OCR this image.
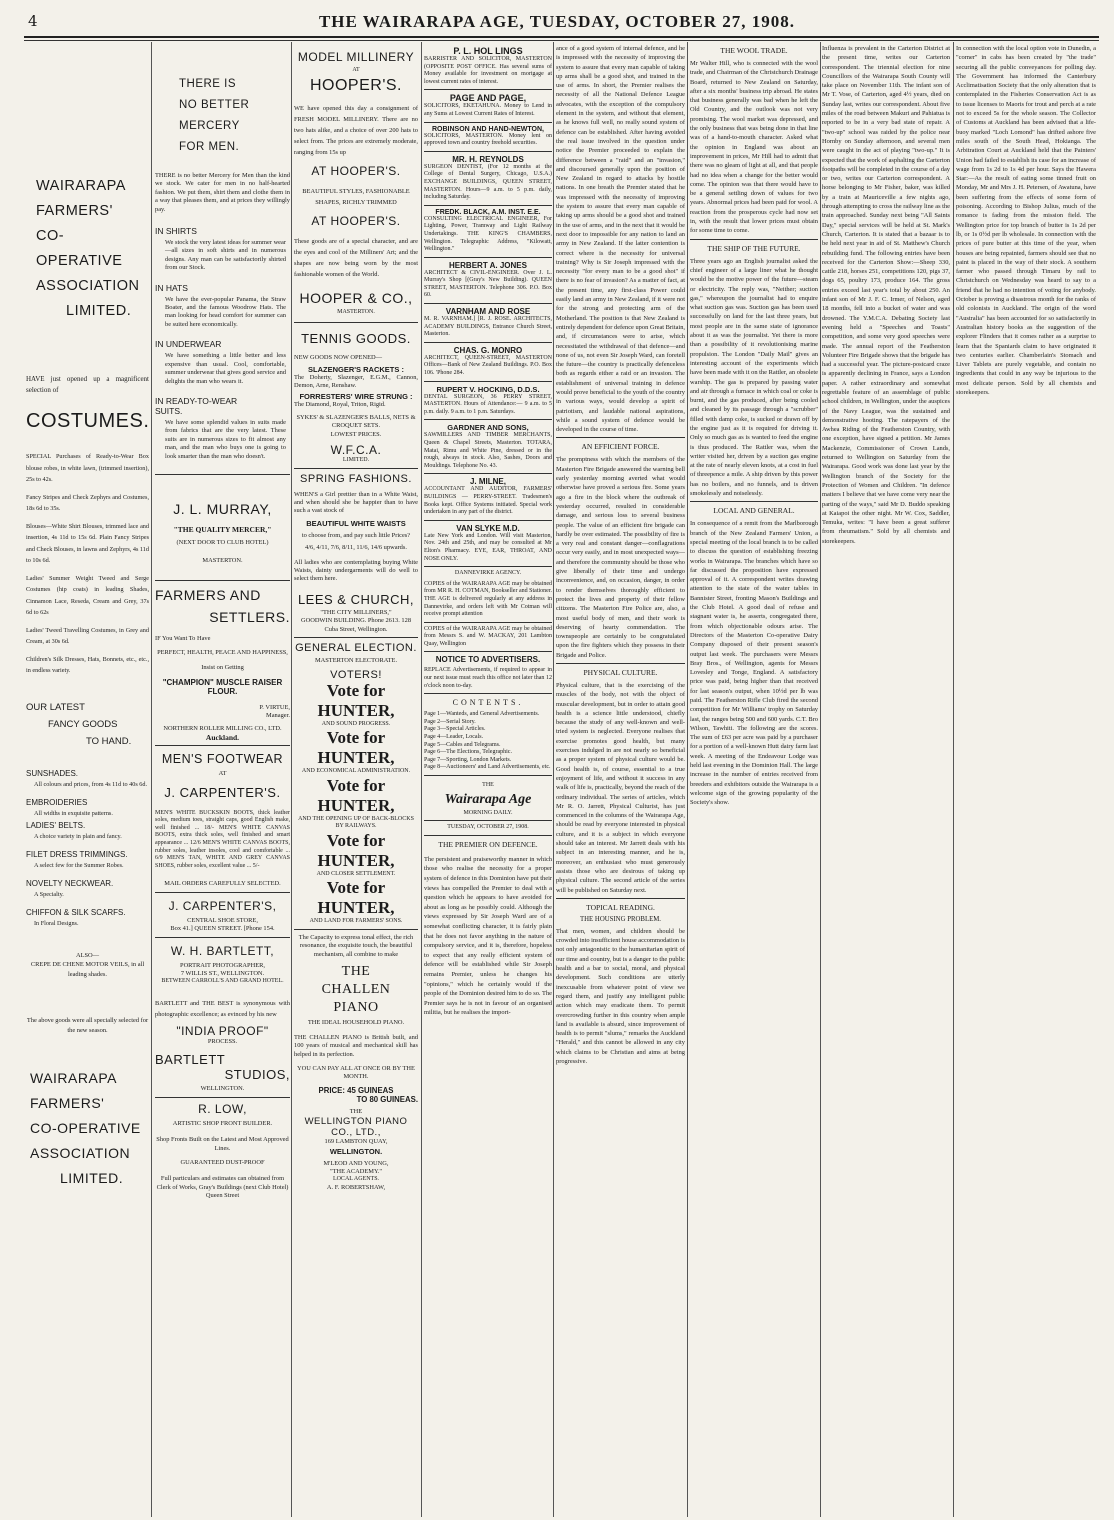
4	THE WAIRARAPA AGE, TUESDAY, OCTOBER 27, 1908.
WAIRARAPA
FARMERS'
CO-OPERATIVE
ASSOCIATION
LIMITED.
HAVE just opened up a magnificent selection of
COSTUMES.

SPECIAL Purchases of Ready-to-Wear Box blouse robes, in white lawn, (trimmed insertion), 25s to 42s.

Fancy Stripes and Check Zephyrs and Costumes, 18s 6d to 35s.

Blouses—White Shirt Blouses, trimmed lace and insertion, 4s 11d to 15s 6d. Plain Fancy Stripes and Check Blouses, in lawns and Zephyrs, 4s 11d to 10s 6d.

Ladies' Summer Weight Tweed and Serge Costumes (hip coats) in leading Shades, Cinnamon Lace, Reseda, Cream and Grey, 37s 6d to 62s

Ladies' Tweed Travelling Costumes, in Grey and Cream, at 30s 6d.

Children's Silk Dresses, Hats, Bonnets, etc., etc., in endless variety.

OUR LATEST
FANCY GOODS
TO HAND.
SUNSHADES.
All colours and prices, from 4s 11d to 40s 6d.
EMBROIDERIES
All widths in exquisite patterns.
LADIES' BELTS.
A choice variety in plain and fancy.
FILET DRESS TRIMMINGS.
A select few for the Summer Robes.
NOVELTY NECKWEAR.
A Specialty.
CHIFFON & SILK SCARFS.
In Floral Designs.
ALSO—
CREPE DE CHENE MOTOR VEILS, in all leading shades.
The above goods were all specially selected for the new season.
WAIRARAPA
FARMERS'
CO-OPERATIVE
ASSOCIATION
LIMITED.
THERE IS
NO BETTER
MERCERY
FOR MEN.
THERE is no better Mercery for Men than the kind we stock. We cater for men in no half-hearted fashion. We put them, shirt them and clothe them in a way that pleases them, and at prices they willingly pay.
IN SHIRTS
We stock the very latest ideas for summer wear—all sizes in soft shirts and in numerous designs. Any man can be satisfactorily shirted from our Stock.
IN HATS
We have the ever-popular Panama, the Straw Boater, and the famous Woodrow Hats. The man looking for head comfort for summer can be suited here economically.
IN UNDERWEAR
We have something a little better and less expensive than usual. Cool, comfortable, summer underwear that gives good service and delights the man who wears it.
IN READY-TO-WEAR SUITS.
We have some splendid values in suits made from fabrics that are the very latest. These suits are in numerous sizes to fit almost any man, and the man who buys one is going to look smarter than the man who doesn't.
J. L. MURRAY,
"THE QUALITY MERCER,"
(NEXT DOOR TO CLUB HOTEL)
MASTERTON.
FARMERS AND
SETTLERS.
IF You Want To Have
PERFECT, HEALTH, PEACE AND HAPPINESS,
Insist on Getting
"CHAMPION" MUSCLE RAISER FLOUR.
P. VIRTUE,
Manager.
NORTHERN ROLLER MILLING CO., LTD.
Auckland.
MEN'S FOOTWEAR
AT
J. CARPENTER'S.
MEN'S WHITE BUCKSKIN BOOTS, thick leather soles, medium toes, straight caps, good English make, well finished ... 18/- MEN'S WHITE CANVAS BOOTS, extra thick soles, well finished and smart appearance ... 12/6 MEN'S WHITE CANVAS BOOTS, rubber soles, leather insoles, cool and comfortable ... 6/9 MEN'S TAN, WHITE AND GREY CANVAS SHOES, rubber soles, excellent value ... 5/-
MAIL ORDERS CAREFULLY SELECTED.
J. CARPENTER'S,
CENTRAL SHOE STORE,
Box 41.] QUEEN STREET. [Phone 154.
W. H. BARTLETT,
PORTRAIT PHOTOGRAPHER,
7 WILLIS ST., WELLINGTON.
BETWEEN CARROLL'S AND GRAND HOTEL.
BARTLETT and THE BEST is synonymous with photographic excellence; as evinced by his new
"INDIA PROOF"
PROCESS.
BARTLETT
STUDIOS,
WELLINGTON.
R. LOW,
ARTISTIC SHOP FRONT BUILDER.
Shop Fronts Built on the Latest and Most Approved Lines.
GUARANTEED DUST-PROOF
Full particulars and estimates can obtained from Clerk of Works, Gray's Buildings (next Club Hotel) Queen Street
MODEL MILLINERY
AT
HOOPER'S.
WE have opened this day a consignment of FRESH MODEL MILLINERY. There are no two hats alike, and a choice of over 200 hats to select from. The prices are extremely moderate, ranging from 15s up
AT HOOPER'S.
BEAUTIFUL STYLES, FASHIONABLE SHAPES, RICHLY TRIMMED
AT HOOPER'S.
These goods are of a special character, and are the eyes and cool of the Milliners' Art; and the shapes are now being worn by the most fashionable women of the World.
HOOPER & CO.,
MASTERTON.
TENNIS GOODS.
NEW GOODS NOW OPENED—
SLAZENGER'S RACKETS :
The Doherty, Slazenger, E.G.M., Cannon, Demon, Arne, Renshaw.
FORRESTERS' WIRE STRUNG :
The Diamond, Royal, Triton, Rigid.
SYKES' & SLAZENGER'S BALLS, NETS & CROQUET SETS.
LOWEST PRICES.
W.F.C.A.
LIMITED.
SPRING FASHIONS.
WHEN'S a Girl prettier than in a White Waist, and when should she be happier than to have such a vast stock of
BEAUTIFUL WHITE WAISTS
to choose from, and pay such little Prices?
4/6, 4/11, 7/6, 8/11, 11/6, 14/6 upwards.
All ladies who are contemplating buying White Waists, dainty undergarments will do well to select them here.
LEES & CHURCH,
"THE CITY MILLINERS,"
GOODWIN BUILDING. Phone 2613. 128 Cuba Street, Wellington.
GENERAL ELECTION.
MASTERTON ELECTORATE.
VOTERS!
Vote for HUNTER,
AND SOUND PROGRESS.
Vote for HUNTER,
AND ECONOMICAL ADMINISTRATION.
Vote for HUNTER,
AND THE OPENING UP OF BACK-BLOCKS BY RAILWAYS.
Vote for HUNTER,
AND CLOSER SETTLEMENT.
Vote for HUNTER,
AND LAND FOR FARMERS' SONS.
The Capacity to express tonal effect, the rich resonance, the exquisite touch, the beautiful mechanism, all combine to make
THE
CHALLEN
PIANO
THE IDEAL HOUSEHOLD PIANO.
THE CHALLEN PIANO is British built, and 100 years of musical and mechanical skill has helped in its perfection.
YOU CAN PAY ALL AT ONCE OR BY THE MONTH.
PRICE: 45 GUINEAS
TO 80 GUINEAS.
THE
WELLINGTON PIANO CO., LTD.,
169 LAMBTON QUAY,
WELLINGTON.
M'LEOD AND YOUNG,
"THE ACADEMY."
LOCAL AGENTS.
A. F. ROBERTSHAW,
P. L. HOL LINGS
BARRISTER AND SOLICITOR, MASTERTON (OPPOSITE POST OFFICE. Has several sums of Money available for investment on mortgage at lowest current rates of interest.
PAGE AND PAGE,
SOLICITORS, EKETAHUNA. Money to Lend in any Sums at Lowest Current Rates of Interest.
ROBINSON AND HAND-NEWTON,
SOLICITORS, MASTERTON. Money lent on approved town and country freehold securities.
MR. H. REYNOLDS
SURGEON DENTIST, (For 12 months at the College of Dental Surgery, Chicago, U.S.A.) EXCHANGE BUILDINGS, QUEEN STREET, MASTERTON. Hours—9 a.m. to 5 p.m. daily, including Saturday.
FREDK. BLACK, A.M. INST. E.E.
CONSULTING ELECTRICAL ENGINEER, For Lighting, Power, Tramway and Light Railway Undertakings. THE KING'S CHAMBERS, Wellington. Telegraphic Address, "Kilowatt, Wellington."
HERBERT A. JONES
ARCHITECT & CIVIL-ENGINEER. Over J. L. Murray's Shop [(Gray's New Building). QUEEN STREET, MASTERTON. Telephone 306. P.O. Box 60.
VARNHAM AND ROSE
M. R. VARNHAM.] [R. J. ROSE. ARCHITECTS, ACADEMY BUILDINGS, Entrance Church Street, Masterton.
CHAS. G. MONRO
ARCHITECT, QUEEN-STREET, MASTERTON Offices—Bank of New Zealand Buildings. P.O. Box 106. 'Phone 284.
RUPERT V. HOCKING, D.D.S.
DENTAL SURGEON, 36 PERRY STREET, MASTERTON. Hours of Attendance:— 9 a.m. to 5 p.m. daily. 9 a.m. to 1 p.m. Saturdays.
GARDNER AND SONS,
SAWMILLERS AND TIMBER MERCHANTS, Queen & Chapel Streets, Masterton. TOTARA, Matai, Rimu and White Pine, dressed or in the rough, always in stock. Also, Sashes, Doors and Mouldings. Telephone No. 43.
J. MILNE,
ACCOUNTANT AND AUDITOR, FARMERS' BUILDINGS — PERRY-STREET. Tradesmen's Books kept. Office Systems initiated. Special work undertaken in any part of the district.
VAN SLYKE M.D.
Late New York and London. Will visit Masterton, Nov. 24th and 25th, and may be consulted at Mr Elton's Pharmacy. EYE, EAR, THROAT, AND NOSE ONLY.
DANNEVIRKE AGENCY.
COPIES of the WAIRARAPA AGE may be obtained from MR R. H. COTMAN, Bookseller and Stationer. THE AGE is delivered regularly at any address in Dannevirke, and orders left with Mr Cotman will receive prompt attention
COPIES of the WAIRARAPA AGE may be obtained from Messrs S. and W. MACKAY, 201 Lambton Quay, Wellington
NOTICE TO ADVERTISERS.
REPLACE Advertisements, if required to appear in our next issue must reach this office not later than 12 o'clock noon to-day.
CONTENTS.
Page 1—Wanteds, and General Advertisements.
Page 2—Serial Story.
Page 3—Special Articles.
Page 4—Leader, Locals.
Page 5—Cables and Telegrams.
Page 6—The Elections, Telegraphic.
Page 7—Sporting, London Markets.
Page 8—Auctioneers' and Land Advertisements, etc.
THE
Wairarapa Age
MORNING DAILY.
TUESDAY, OCTOBER 27, 1908.
THE PREMIER ON DEFENCE.
The persistent and praiseworthy manner in which those who realise the necessity for a proper system of defence in this Dominion have put their views has compelled the Premier to deal with a question which he appears to have avoided for about as long as he possibly could. Although the views expressed by Sir Joseph Ward are of a somewhat conflicting character, it is fairly plain that he does not favor anything in the nature of compulsory service, and it is, therefore, hopeless to expect that any really efficient system of defence will be established while Sir Joseph remains Premier, unless he changes his "opinions," which he certainly would if the people of the Dominion desired him to do so. The Premier says he is not in favour of an organised militia, but he realises the import-
ance of a good system of internal defence, and he is impressed with the necessity of improving the system to assure that every man capable of taking up arms shall be a good shot, and trained in the use of arms. In short, the Premier realises the necessity of all the National Defence League advocates, with the exception of the compulsory element in the system, and without that element, as he knows full well, no really sound system of defence can be established. After having avoided the real issue involved in the question under notice the Premier proceeded to explain the difference between a "raid" and an "invasion," and discoursed generally upon the position of New Zealand in regard to attacks by hostile nations. In one breath the Premier stated that he was impressed with the necessity of improving the system to assure that every man capable of taking up arms should be a good shot and trained in the use of arms, and in the next that it would be next door to impossible for any nation to land an army in New Zealand. If the latter contention is correct where is the necessity for universal training? Why is Sir Joseph impressed with the necessity "for every man to be a good shot" if there is no fear of invasion? As a matter of fact, at the present time, any first-class Power could easily land an army in New Zealand, if it were not for the strong and protecting arm of the Motherland. The position is that New Zealand is entirely dependent for defence upon Great Britain, and, if circumstances were to arise, which necessitated the withdrawal of that defence—and none of us, not even Sir Joseph Ward, can foretell the future—the country is practically defenceless both as regards either a raid or an invasion. The establishment of universal training in defence would prove beneficial to the youth of the country in various ways, would develop a spirit of patriotism, and laudable national aspirations, while a sound system of defence would be developed in the course of time.
AN EFFICIENT FORCE.
The promptness with which the members of the Masterton Fire Brigade answered the warning bell early yesterday morning averted what would otherwise have proved a serious fire. Some years ago a fire in the block where the outbreak of yesterday occurred, resulted in considerable damage, and serious loss to several business people. The value of an efficient fire brigade can hardly be over estimated. The possibility of fire is a very real and constant danger—conflagrations occur very easily, and in most unexpected ways—and therefore the community should be those who give liberally of their time and undergo inconvenience, and, on occasion, danger, in order to render themselves thoroughly efficient to protect the lives and property of their fellow citizens. The Masterton Fire Police are, also, a most useful body of men, and their work is deserving of hearty commendation. The townspeople are certainly to be congratulated upon the fire fighters which they possess in their Brigade and Police.
PHYSICAL CULTURE.
Physical culture, that is the exercising of the muscles of the body, not with the object of muscular development, but in order to attain good health is a science little understood, chiefly because the study of any well-known and well-tried system is neglected. Everyone realises that exercise promotes good health, but many exercises indulged in are not nearly so beneficial as a proper system of physical culture would be. Good health is, of course, essential to a true enjoyment of life, and without it success in any walk of life is, practically, beyond the reach of the ordinary individual. The series of articles, which Mr R. O. Jarrett, Physical Culturist, has just commenced in the columns of the Wairarapa Age, should be read by everyone interested in physical culture, and it is a subject in which everyone should take an interest. Mr Jarrett deals with his subject in an interesting manner, and he is, moreover, an enthusiast who must generously assists those who are desirous of taking up physical culture. The second article of the series will be published on Saturday next.
TOPICAL READING.
THE HOUSING PROBLEM.
That men, women, and children should be crowded into insufficient house accommodation is not only antagonistic to the humanitarian spirit of our time and country, but is a danger to the public health and a bar to social, moral, and physical development. Such conditions are utterly inexcusable from whatever point of view we regard them, and justify any intelligent public action which may eradicate them. To permit overcrowding further in this country when ample land is available is absurd, since improvement of health is to permit "slums," remarks the Auckland "Herald," and this cannot be allowed in any city which claims to be Christian and aims at being progressive.
THE WOOL TRADE.
Mr Walter Hill, who is connected with the wool trade, and Chairman of the Christchurch Drainage Board, returned to New Zealand on Saturday, after a six months' business trip abroad. He states that business generally was bad when he left the Old Country, and the outlook was not very promising. The wool market was depressed, and the only business that was being done in that line was of a hand-to-mouth character. Asked what the opinion in England was about an improvement in prices, Mr Hill had to admit that there was no gleam of light at all, and that people had no idea when a change for the better would come. The opinion was that there would have to be a general settling down of values for two years. Abnormal prices had been paid for wool. A reaction from the prosperous cycle had now set in, with the result that lower prices must obtain for some time to come.
THE SHIP OF THE FUTURE.
Three years ago an English journalist asked the chief engineer of a large liner what he thought would be the motive power of the future—steam or electricity. The reply was, "Neither; suction gas," whereupon the journalist had to enquire what suction gas was. Suction gas has been used successfully on land for the last three years, but most people are in the same state of ignorance about it as was the journalist. Yet there is more than a possibility of it revolutionising marine propulsion. The London "Daily Mail" gives an interesting account of the experiments which have been made with it on the Rattler, an obsolete warship. The gas is prepared by passing water and air through a furnace in which coal or coke is burnt, and the gas produced, after being cooled and cleaned by its passage through a "scrubber" filled with damp coke, is sucked or drawn off by the engine just as it is required for driving it. Only so much gas as is wanted to feed the engine is thus produced. The Rattler was, when the writer visited her, driven by a suction gas engine at the rate of nearly eleven knots, at a cost in fuel of threepence a mile. A ship driven by this power has no boilers, and no funnels, and is driven smokelessly and noiselessly.
LOCAL AND GENERAL.
In consequence of a remit from the Marlborough branch of the New Zealand Farmers' Union, a special meeting of the local branch is to be called to discuss the question of establishing freezing works in Wairarapa. The branches which have so far discussed the proposition have expressed approval of it. A correspondent writes drawing attention to the state of the water tables in Bannister Street, fronting Mason's Buildings and the Club Hotel. A good deal of refuse and stagnant water is, he asserts, congregated there, from which objectionable odours arise. The Directors of the Masterton Co-operative Dairy Company disposed of their present season's output last week. The purchasers were Messrs Bray Bros., of Wellington, agents for Messrs Lovesley and Tonge, England. A satisfactory price was paid, being higher than that received for last season's output, when 10½d per lb was paid. The Featherston Rifle Club fired the second competition for Mr Williams' trophy on Saturday last, the ranges being 500 and 600 yards. C.T. Bro Wilson, Tawhiti. The following are the scores. The sum of £63 per acre was paid by a purchaser for a portion of a well-known Hutt dairy farm last week. A meeting of the Endeavour Lodge was held last evening in the Dominion Hall. The large increase in the number of entries received from breeders and exhibitors outside the Wairarapa is a welcome sign of the growing popularity of the Society's show.
Influenza is prevalent in the Carterton District at the present time, writes our Carterton correspondent. The triennial election for nine Councillors of the Wairarapa South County will take place on November 11th. The infant son of Mr T. Vose, of Carterton, aged 4½ years, died on Sunday last, writes our correspondent. About five miles of the road between Makuri and Pahiatua is reported to be in a very bad state of repair. A "two-up" school was raided by the police near Hornby on Sunday afternoon, and several men were caught in the act of playing "two-up." It is expected that the work of asphalting the Carterton footpaths will be completed in the course of a day or two, writes our Carterton correspondent. A horse belonging to Mr Fisher, baker, was killed by a train at Mauriceville a few nights ago, through attempting to cross the railway line as the train approached. Sunday next being "All Saints Day," special services will be held at St. Mark's Church, Carterton. It is stated that a bazaar is to be held next year in aid of St. Matthew's Church rebuilding fund. The following entries have been received for the Carterton Show:—Sheep 330, cattle 218, horses 251, competitions 120, pigs 37, dogs 65, poultry 173, produce 164. The gross entries exceed last year's total by about 250. An infant son of Mr J. F. C. Irmer, of Nelson, aged 18 months, fell into a bucket of water and was drowned. The Y.M.C.A. Debating Society last evening held a "Speeches and Toasts" competition, and some very good speeches were made. The annual report of the Featherston Volunteer Fire Brigade shows that the brigade has had a successful year. The picture-postcard craze is apparently declining in France, says a London paper. A rather extraordinary and somewhat regrettable feature of an assemblage of public school children, in Wellington, under the auspices of the Navy League, was the sustained and demonstrative hooting. The ratepayers of the Awhea Riding of the Featherston Country, with one exception, have signed a petition. Mr James Mackenzie, Commissioner of Crown Lands, returned to Wellington on Saturday from the Wairarapa. Good work was done last year by the Wellington branch of the Society for the Protection of Women and Children. "In defence matters I believe that we have come very near the parting of the ways," said Mr D. Buddo speaking at Kaiapoi the other night. Mr W. Cox, Saddler, Temuka, writes: "I have been a great sufferer from rheumatism." Sold by all chemists and storekeepers.
In connection with the local option vote in Dunedin, a "corner" in cabs has been created by "the trade" securing all the public conveyances for polling day. The Government has informed the Canterbury Acclimatisation Society that the only alteration that is contemplated in the Fisheries Conservation Act is as to issue licenses to Maoris for trout and perch at a rate not to exceed 5s for the whole season. The Collector of Customs at Auckland has been advised that a life-buoy marked "Loch Lomond" has drifted ashore five miles south of the South Head, Hokianga. The Arbitration Court at Auckland held that the Painters' Union had failed to establish its case for an increase of wage from 1s 2d to 1s 4d per hour. Says the Hawera Star:—As the result of eating some tinned fruit on Monday, Mr and Mrs J. H. Petersen, of Awatuna, have been suffering from the effects of some form of poisoning. According to Bishop Julius, much of the romance is fading from the mission field. The Wellington price for top branch of butter is 1s 2d per lb, or 1s 0½d per lb wholesale. In connection with the prices of pure butter at this time of the year, when houses are being repainted, farmers should see that no paint is placed in the way of their stock. A southern farmer who passed through Timaru by rail to Christchurch on Wednesday was heard to say to a friend that he had no intention of voting for anybody. October is proving a disastrous month for the ranks of old colonists in Auckland. The origin of the word "Australia" has been accounted for so satisfactorily in Australian history books as the suggestion of the explorer Flinders that it comes rather as a surprise to learn that the Spaniards claim to have originated it two centuries earlier. Chamberlain's Stomach and Liver Tablets are purely vegetable, and contain no ingredients that could in any way be injurious to the most delicate person. Sold by all chemists and storekeepers.
